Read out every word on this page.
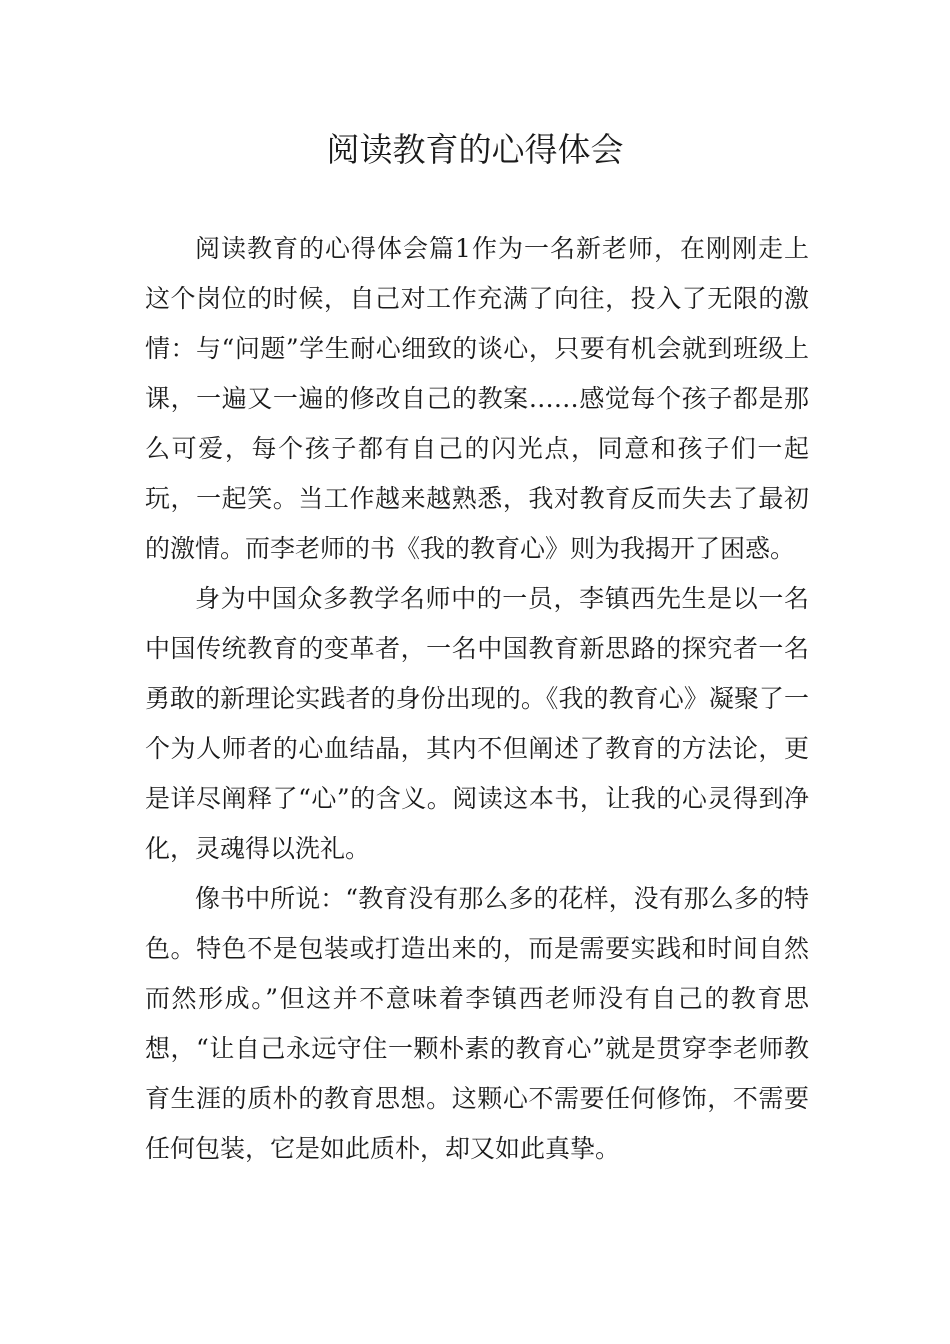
阅读教育的心得体会

阅读教育的心得体会篇1作为一名新老师，在刚刚走上这个岗位的时候，自己对工作充满了向往，投入了无限的激情：与“问题”学生耐心细致的谈心，只要有机会就到班级上课，一遍又一遍的修改自己的教案……感觉每个孩子都是那么可爱，每个孩子都有自己的闪光点，同意和孩子们一起玩，一起笑。当工作越来越熟悉，我对教育反而失去了最初的激情。而李老师的书《我的教育心》则为我揭开了困惑。

身为中国众多教学名师中的一员，李镇西先生是以一名中国传统教育的变革者，一名中国教育新思路的探究者一名勇敢的新理论实践者的身份出现的。《我的教育心》凝聚了一个为人师者的心血结晶，其内不但阐述了教育的方法论，更是详尽阐释了“心”的含义。阅读这本书，让我的心灵得到净化，灵魂得以洗礼。

像书中所说：“教育没有那么多的花样，没有那么多的特色。特色不是包装或打造出来的，而是需要实践和时间自然而然形成。”但这并不意味着李镇西老师没有自己的教育思想，“让自己永远守住一颗朴素的教育心”就是贯穿李老师教育生涯的质朴的教育思想。这颗心不需要任何修饰，不需要任何包装，它是如此质朴，却又如此真挚。
